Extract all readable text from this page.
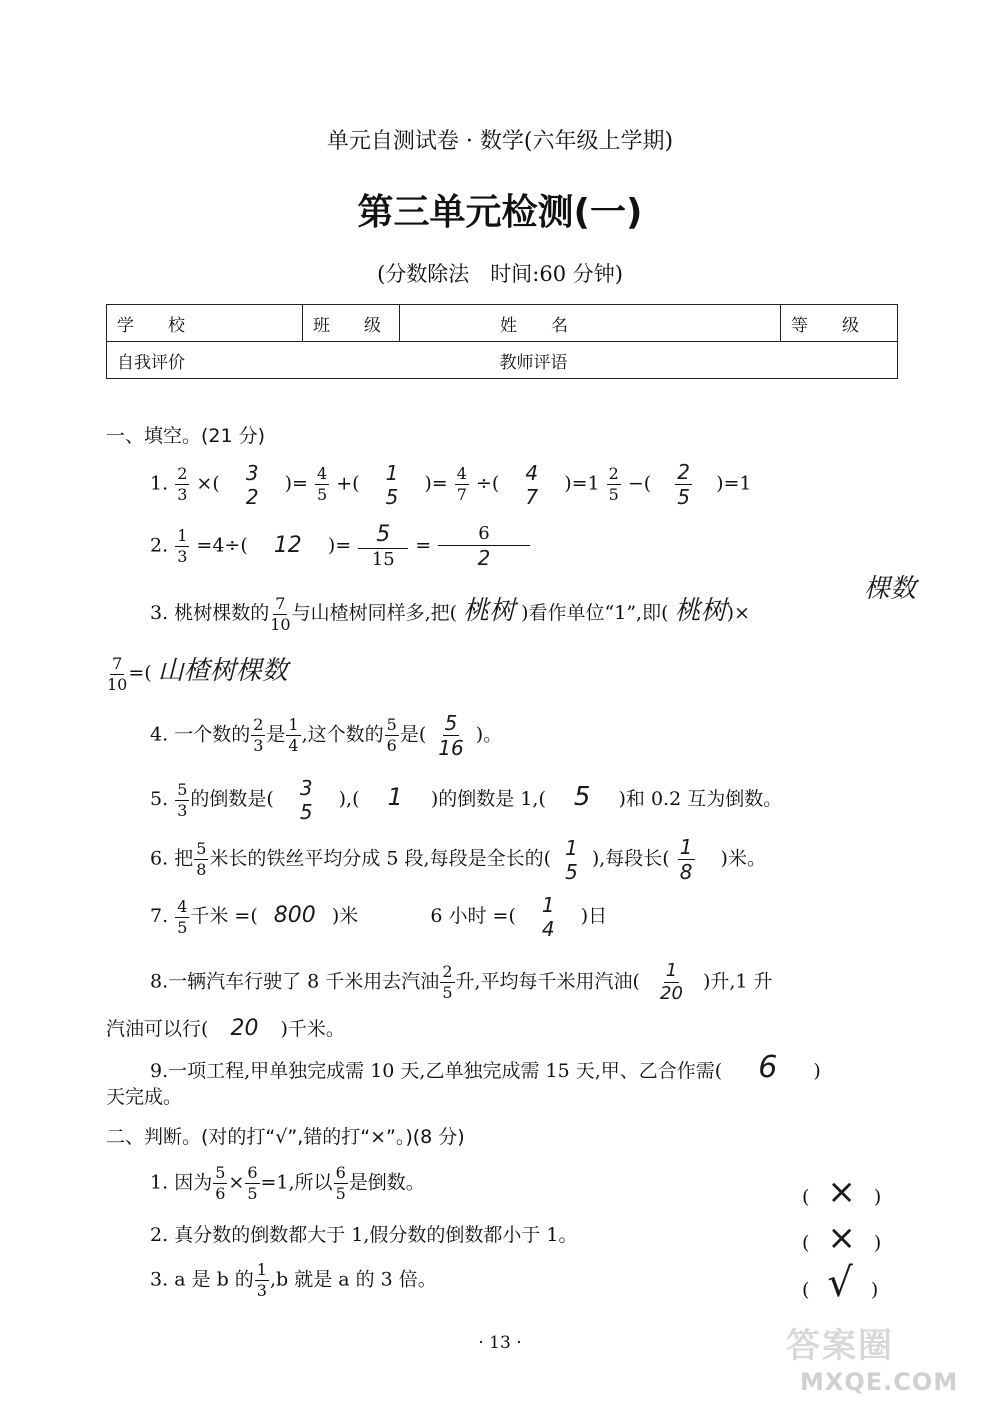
单元自测试卷 · 数学(六年级上学期)
第三单元检测(一)
(分数除法　时间:60 分钟)
学　　校	班　　级	姓　　名	等　　级
自我评价		教师评语	
一、填空。(21 分)
1. $\frac{2}{3}$ ×( 3
2
)= $\frac{4}{5}$ +( 1
5
)= $\frac{4}{7}$ ÷( 4
7
)$=1 \frac{2}{5}$ −( $\frac{2}{5} )=1$
2. $\frac{1}{3} =4\div$( 12 )= $\frac{5}{15} = \frac{6}{2}$
3. 桃树棵数的 $\frac{7}{10}$ 与山楂树同样多,把( 桃树 )看作单位“1”,即( 桃树)×
棵数
$\frac{7}{10}$ =( 山楂树棵数
4. 一个数的 $\frac{2}{3}$ 是 $\frac{1}{4}$ ,这个数的 $\frac{5}{6}$ 是( $\frac{5}{16}$ )。
5. $\frac{5}{3}$ 的倒数是( 3
5
),( 1 )的倒数是 1,( 5 )和 0.2 互为倒数。
6. 把 $\frac{5}{8}$ 米长的铁丝平均分成 5 段,每段是全长的( 1
5
),每段长( $\frac{1}{8}$ )米。
7. $\frac{4}{5}$ 千米 =( 800 )米	6 小时 =( 1
4
)日
8.一辆汽车行驶了 8 千米用去汽油 $\frac{2}{5}$ 升,平均每千米用汽油( $\frac{1}{20}$ )升,1 升
汽油可以行( 20 )千米。
9.一项工程,甲单独完成需 10 天,乙单独完成需 15 天,甲、乙合作需( 6 )
天完成。
二、判断。(对的打“√”,错的打“×”。)(8 分)
1. 因为 $\frac{5}{6} \times \frac{6}{5} =1$,所以 $\frac{6}{5}$ 是倒数。
( × )
2. 真分数的倒数都大于 1,假分数的倒数都小于 1。	( × )
3. a 是 b 的 $\frac{1}{3} ,b$ 就是 a 的 3 倍。	( √ )
· 13 ·	答案圈
MXQE.COM
